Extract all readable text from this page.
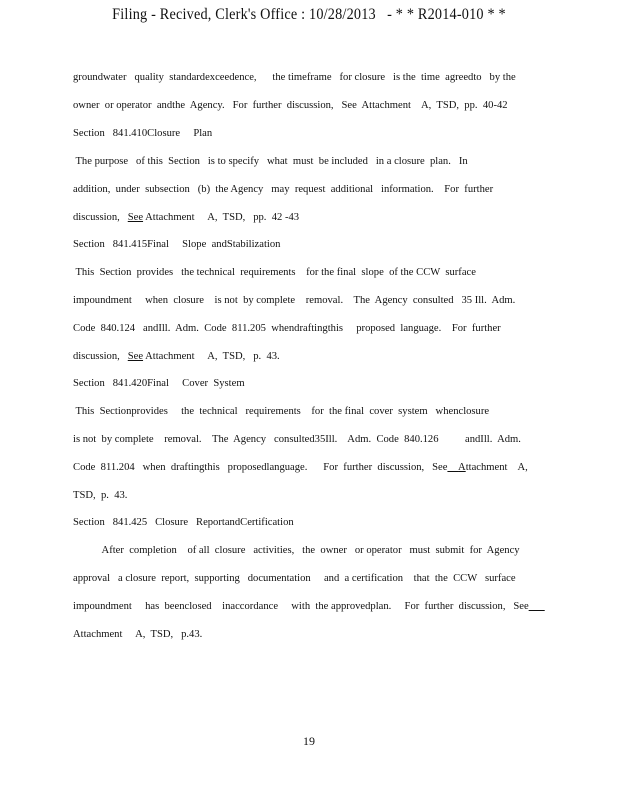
Filing - Recived, Clerk's Office : 10/28/2013   - * * R2014-010 * *
groundwater   quality  standardexceedence,      the timeframe   for closure   is the  time  agreedto   by the
owner  or operator  andthe  Agency.   For  further  discussion,   See  Attachment    A,  TSD,  pp.  40-42
Section   841.410Closure     Plan
The purpose   of this  Section   is to specify   what  must  be included   in a closure  plan.   In
addition,  under  subsection   (b)  the Agency   may  request  additional   information.    For  further
discussion,   See Attachment     A,  TSD,   pp.  42 -43
Section   841.415Final     Slope  andStabilization
This  Section  provides   the technical  requirements    for the final  slope  of the CCW  surface
impoundment     when  closure    is not  by complete    removal.    The  Agency  consulted   35 Ill.  Adm.
Code  840.124   andIll.  Adm.  Code  811.205  whendraftingthis     proposed  language.    For  further
discussion,   See Attachment     A,  TSD,   p.  43.
Section   841.420Final     Cover  System
This  Sectionprovides     the  technical   requirements    for  the final  cover  system   whenclosure
is not  by complete    removal.    The  Agency   consulted35Ill.    Adm.  Code  840.126          andIll.  Adm.
Code  811.204   when  draftingthis   proposedlanguage.      For  further  discussion,   See__Attachment    A,
TSD,  p.  43.
Section   841.425   Closure   ReportandCertification
After  completion    of all  closure   activities,   the  owner   or operator   must  submit  for  Agency
approval   a closure  report,  supporting   documentation     and  a certification    that  the  CCW   surface
impoundment     has  beenclosed    inaccordance     with  the approvedplan.     For  further  discussion,   See___
Attachment     A,  TSD,   p.43.
19
